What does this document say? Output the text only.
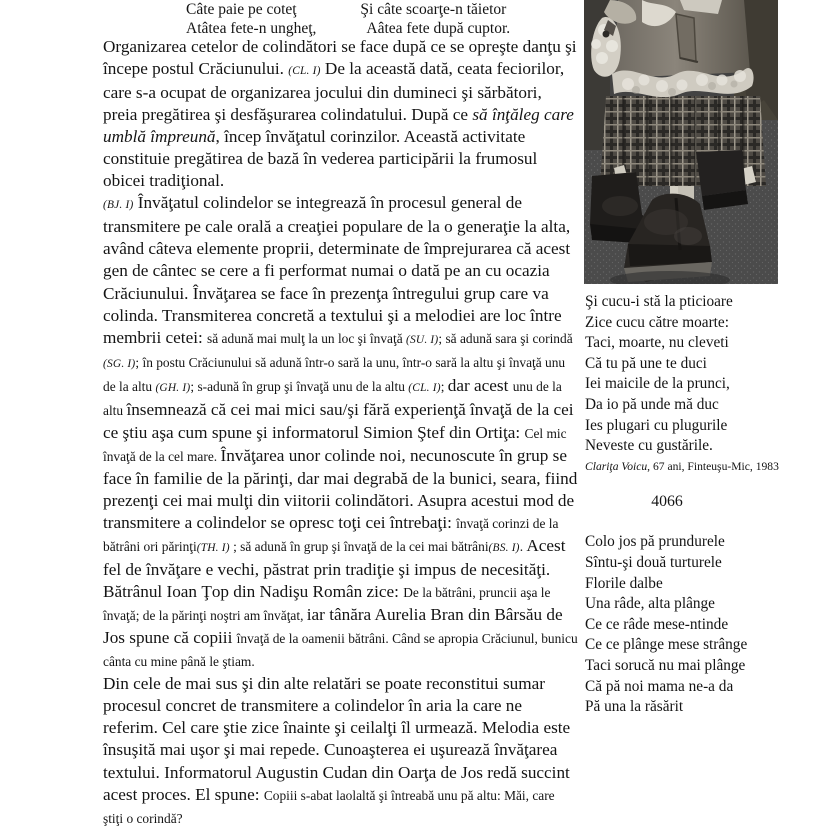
Câte paie pe coteţ
Atâtea fete-n ungheţ,
Şi câte scoarţe-n tăietor
Aâtea fete după cuptor.

Organizarea cetelor de colindători se face după ce se opreşte danţu şi începe postul Crăciunului. (CL. I) De la această dată, ceata feciorilor, care s-a ocupat de organizarea jocului din dumineci şi sărbători, preia pregătirea şi desfăşurarea colindatului. După ce să înţăleg care umblă împreună, încep învăţatul corinzilor. Această activitate constituie pregătirea de bază în vederea participării la frumosul obicei tradiţional.

(BJ. I) Învăţatul colindelor se integrează în procesul general de transmitere pe cale orală a creaţiei populare de la o generaţie la alta, având câteva elemente proprii, determinate de împrejurarea că acest gen de cântec se cere a fi performat numai o dată pe an cu ocazia Crăciunului. Învăţarea se face în prezenţa întregului grup care va colinda. Transmiterea concretă a textului şi a melodiei are loc între membrii cetei: să adună mai mulţ la un loc şi învaţă (SU. I); să adună sara şi corindă (SG. I); în postu Crăciunului să adună într-o sară la unu, într-o sară la altu şi învaţă unu de la altu (GH. I); s-adună în grup şi învaţă unu de la altu (CL. I); dar acest unu de la altu însemnează că cei mai mici sau/şi fără experienţă învaţă de la cei ce ştiu aşa cum spune şi informatorul Simion Ştef din Ortiţa: Cel mic învaţă de la cel mare. Învăţarea unor colinde noi, necunoscute în grup se face în familie de la părinţi, dar mai degrabă de la bunici, seara, fiind prezenţi cei mai mulţi din viitorii colindători. Asupra acestui mod de transmitere a colindelor se opresc toţi cei întrebaţi: învaţă corinzi de la bătrâni ori părinţi(TH. I) ; să adună în grup şi învaţă de la cei mai bătrâni(BS. I). Acest fel de învăţare e vechi, păstrat prin tradiţie şi impus de necesităţi. Bătrânul Ioan Ţop din Nadişu Român zice: De la bătrâni, pruncii aşa le învaţă; de la părinţi noştri am învăţat, iar tânăra Aurelia Bran din Bârsău de Jos spune că copiii învaţă de la oamenii bătrâni. Când se apropia Crăciunul, bunicu cânta cu mine până le ştiam.

Din cele de mai sus şi din alte relatări se poate reconstitui sumar procesul concret de transmitere a colindelor în aria la care ne referim. Cel care ştie zice înainte şi ceilalţi îl urmează. Melodia este însuşită mai uşor şi mai repede. Cunoaşterea ei uşurează învăţarea textului. Informatorul Augustin Cudan din Oarţa de Jos redă succint acest proces. El spune: Copiii s-abat laolaltă şi întreabă unu pă altu: Măi, care ştiţi o corindă?

Şi cucu-i stă la pticioare
Zice cucu către moarte:
Taci, moarte, nu cleveti
Că tu pă une te duci
Iei maicile de la prunci,
Da io pă unde mă duc
Ies plugari cu plugurile
Neveste cu gustările.
Clariţa Voicu, 67 ani, Finteuşu-Mic, 1983
4066
Colo jos pă prundurele
Sîntu-şi două turturele
Florile dalbe
Una râde, alta plânge
Ce ce râde mese-ntinde
Ce ce plânge mese strânge
Taci sorucă nu mai plânge
Că pă noi mama ne-a da
Pă una la răsărit
